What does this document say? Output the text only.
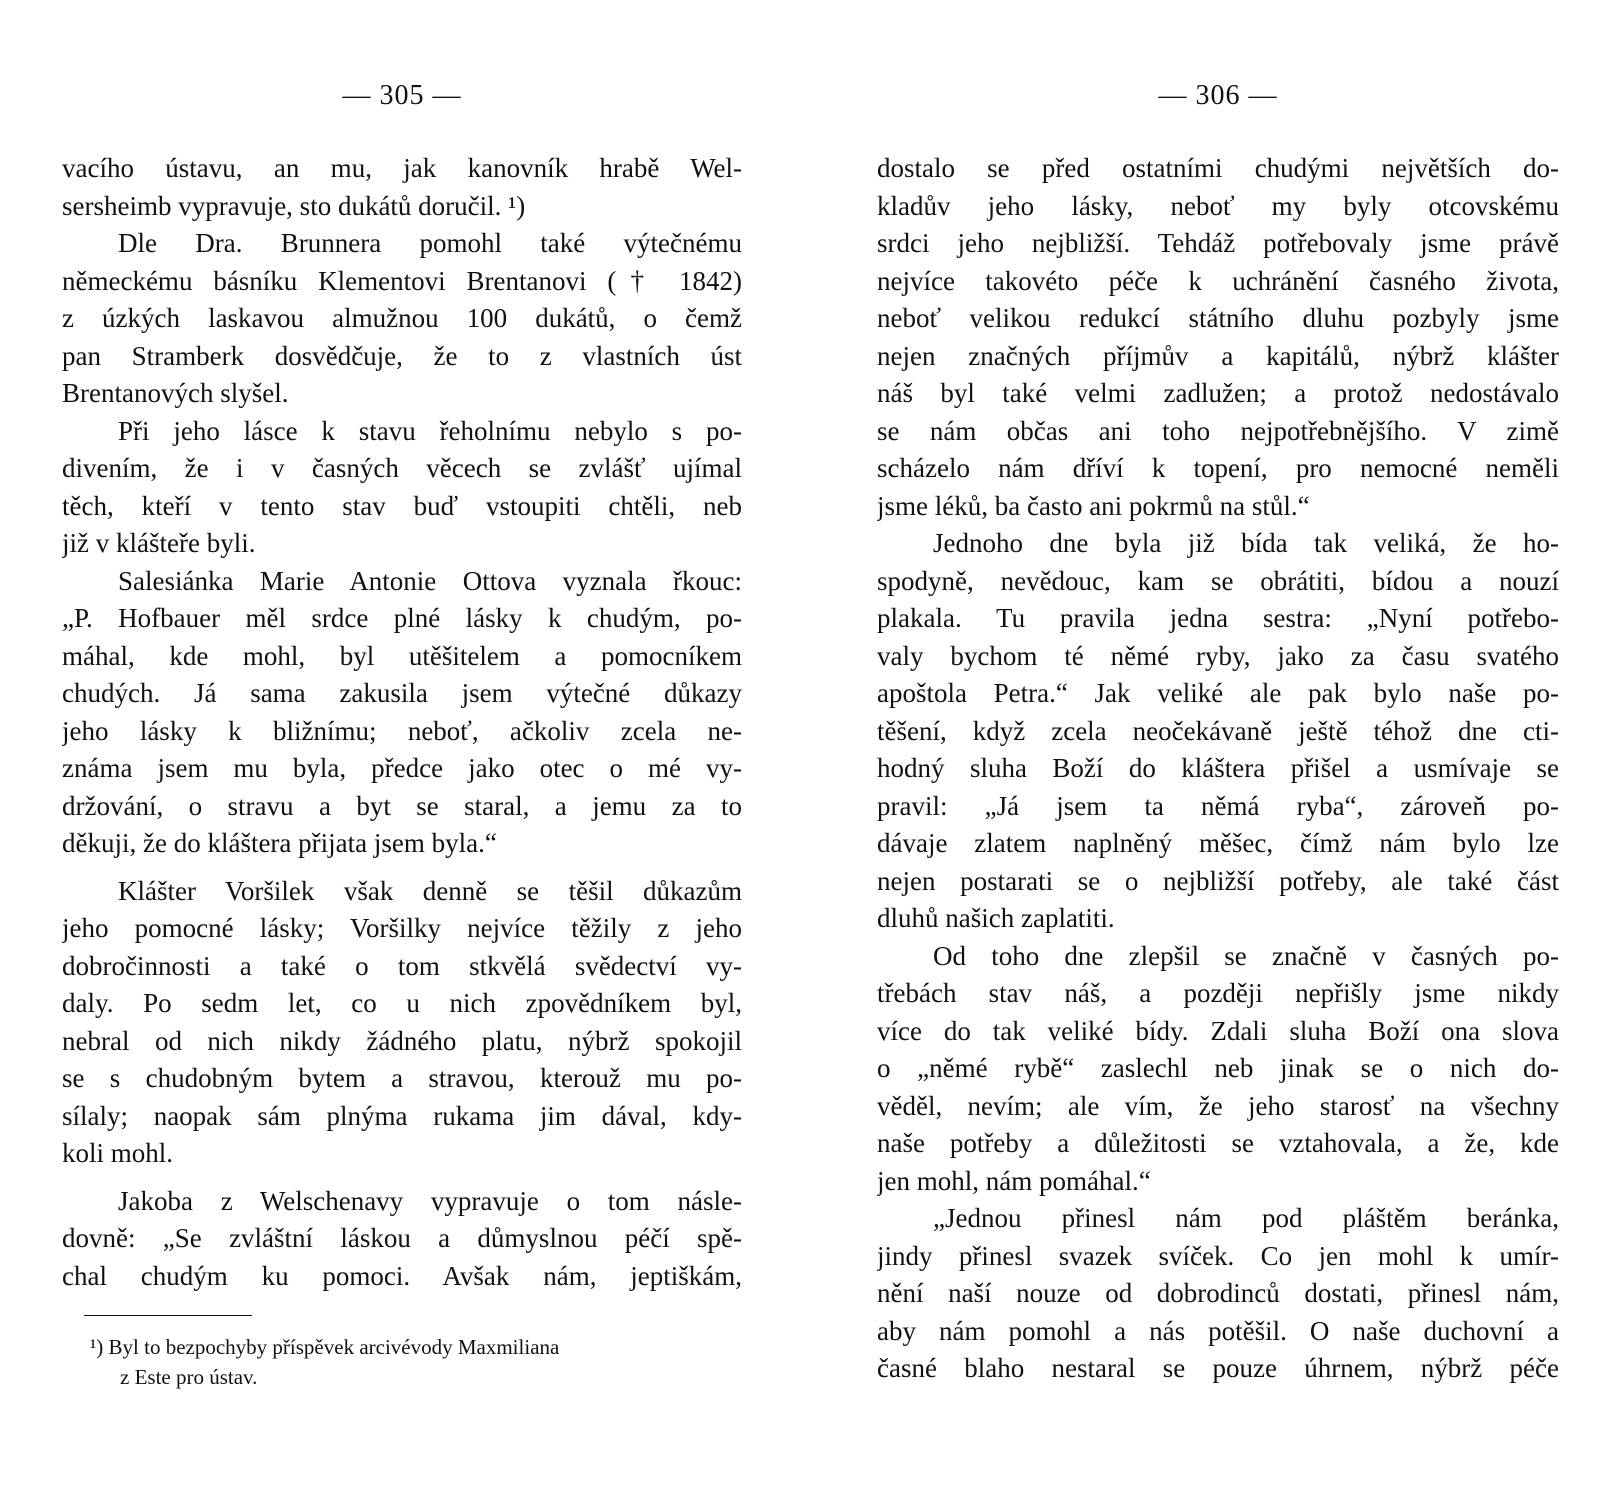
— 305 —
vacího ústavu, an mu, jak kanovník hrabě Wel-
sersheimb vypravuje, sto dukátů doručil. ¹)
Dle Dra. Brunnera pomohl také výtečnému
německému básníku Klementovi Brentanovi († 1842)
z úzkých laskavou almužnou 100 dukátů, o čemž
pan Stramberk dosvědčuje, že to z vlastních úst
Brentanových slyšel.
Při jeho lásce k stavu řeholnímu nebylo s po-
divením, že i v časných věcech se zvlášť ujímal
těch, kteří v tento stav buď vstoupiti chtěli, neb
již v klášteře byli.
Salesiánka Marie Antonie Ottova vyznala řkouc:
„P. Hofbauer měl srdce plné lásky k chudým, po-
máhal, kde mohl, byl utěšitelem a pomocníkem
chudých. Já sama zakusila jsem výtečné důkazy
jeho lásky k bližnímu; neboť, ačkoliv zcela ne-
známa jsem mu byla, předce jako otec o mé vy-
držování, o stravu a byt se staral, a jemu za to
děkuji, že do kláštera přijata jsem byla.“
Klášter Voršilek však denně se těšil důkazům
jeho pomocné lásky; Voršilky nejvíce těžily z jeho
dobročinnosti a také o tom stkvělá svědectví vy-
daly. Po sedm let, co u nich zpovědníkem byl,
nebral od nich nikdy žádného platu, nýbrž spokojil
se s chudobným bytem a stravou, kterouž mu po-
sílaly; naopak sám plnýma rukama jim dával, kdy-
koli mohl.
Jakoba z Welschenavy vypravuje o tom násle-
dovně: „Se zvláštní láskou a důmyslnou péčí spě-
chal chudým ku pomoci. Avšak nám, jeptiškám,
¹) Byl to bezpochyby příspěvek arcivévody Maxmiliana
z Este pro ústav.
— 306 —
dostalo se před ostatními chudými největších do-
kladův jeho lásky, neboť my byly otcovskému
srdci jeho nejbližší. Tehdáž potřebovaly jsme právě
nejvíce takovéto péče k uchránění časného života,
neboť velikou redukcí státního dluhu pozbyly jsme
nejen značných příjmův a kapitálů, nýbrž klášter
náš byl také velmi zadlužen; a protož nedostávalo
se nám občas ani toho nejpotřebnějšího. V zimě
scházelo nám dříví k topení, pro nemocné neměli
jsme léků, ba často ani pokrmů na stůl.“
Jednoho dne byla již bída tak veliká, že ho-
spodyně, nevědouc, kam se obrátiti, bídou a nouzí
plakala. Tu pravila jedna sestra: „Nyní potřebo-
valy bychom té němé ryby, jako za času svatého
apoštola Petra.“ Jak veliké ale pak bylo naše po-
těšení, když zcela neočekávaně ještě téhož dne cti-
hodný sluha Boží do kláštera přišel a usmívaje se
pravil: „Já jsem ta němá ryba“, zároveň po-
dávaje zlatem naplněný měšec, čímž nám bylo lze
nejen postarati se o nejbližší potřeby, ale také část
dluhů našich zaplatiti.
Od toho dne zlepšil se značně v časných po-
třebách stav náš, a později nepřišly jsme nikdy
více do tak veliké bídy. Zdali sluha Boží ona slova
o „němé rybě“ zaslechl neb jinak se o nich do-
věděl, nevím; ale vím, že jeho starosť na všechny
naše potřeby a důležitosti se vztahovala, a že, kde
jen mohl, nám pomáhal.“
„Jednou přinesl nám pod pláštěm beránka,
jindy přinesl svazek svíček. Co jen mohl k umír-
nění naší nouze od dobrodinců dostati, přinesl nám,
aby nám pomohl a nás potěšil. O naše duchovní a
časné blaho nestaral se pouze úhrnem, nýbrž péče
